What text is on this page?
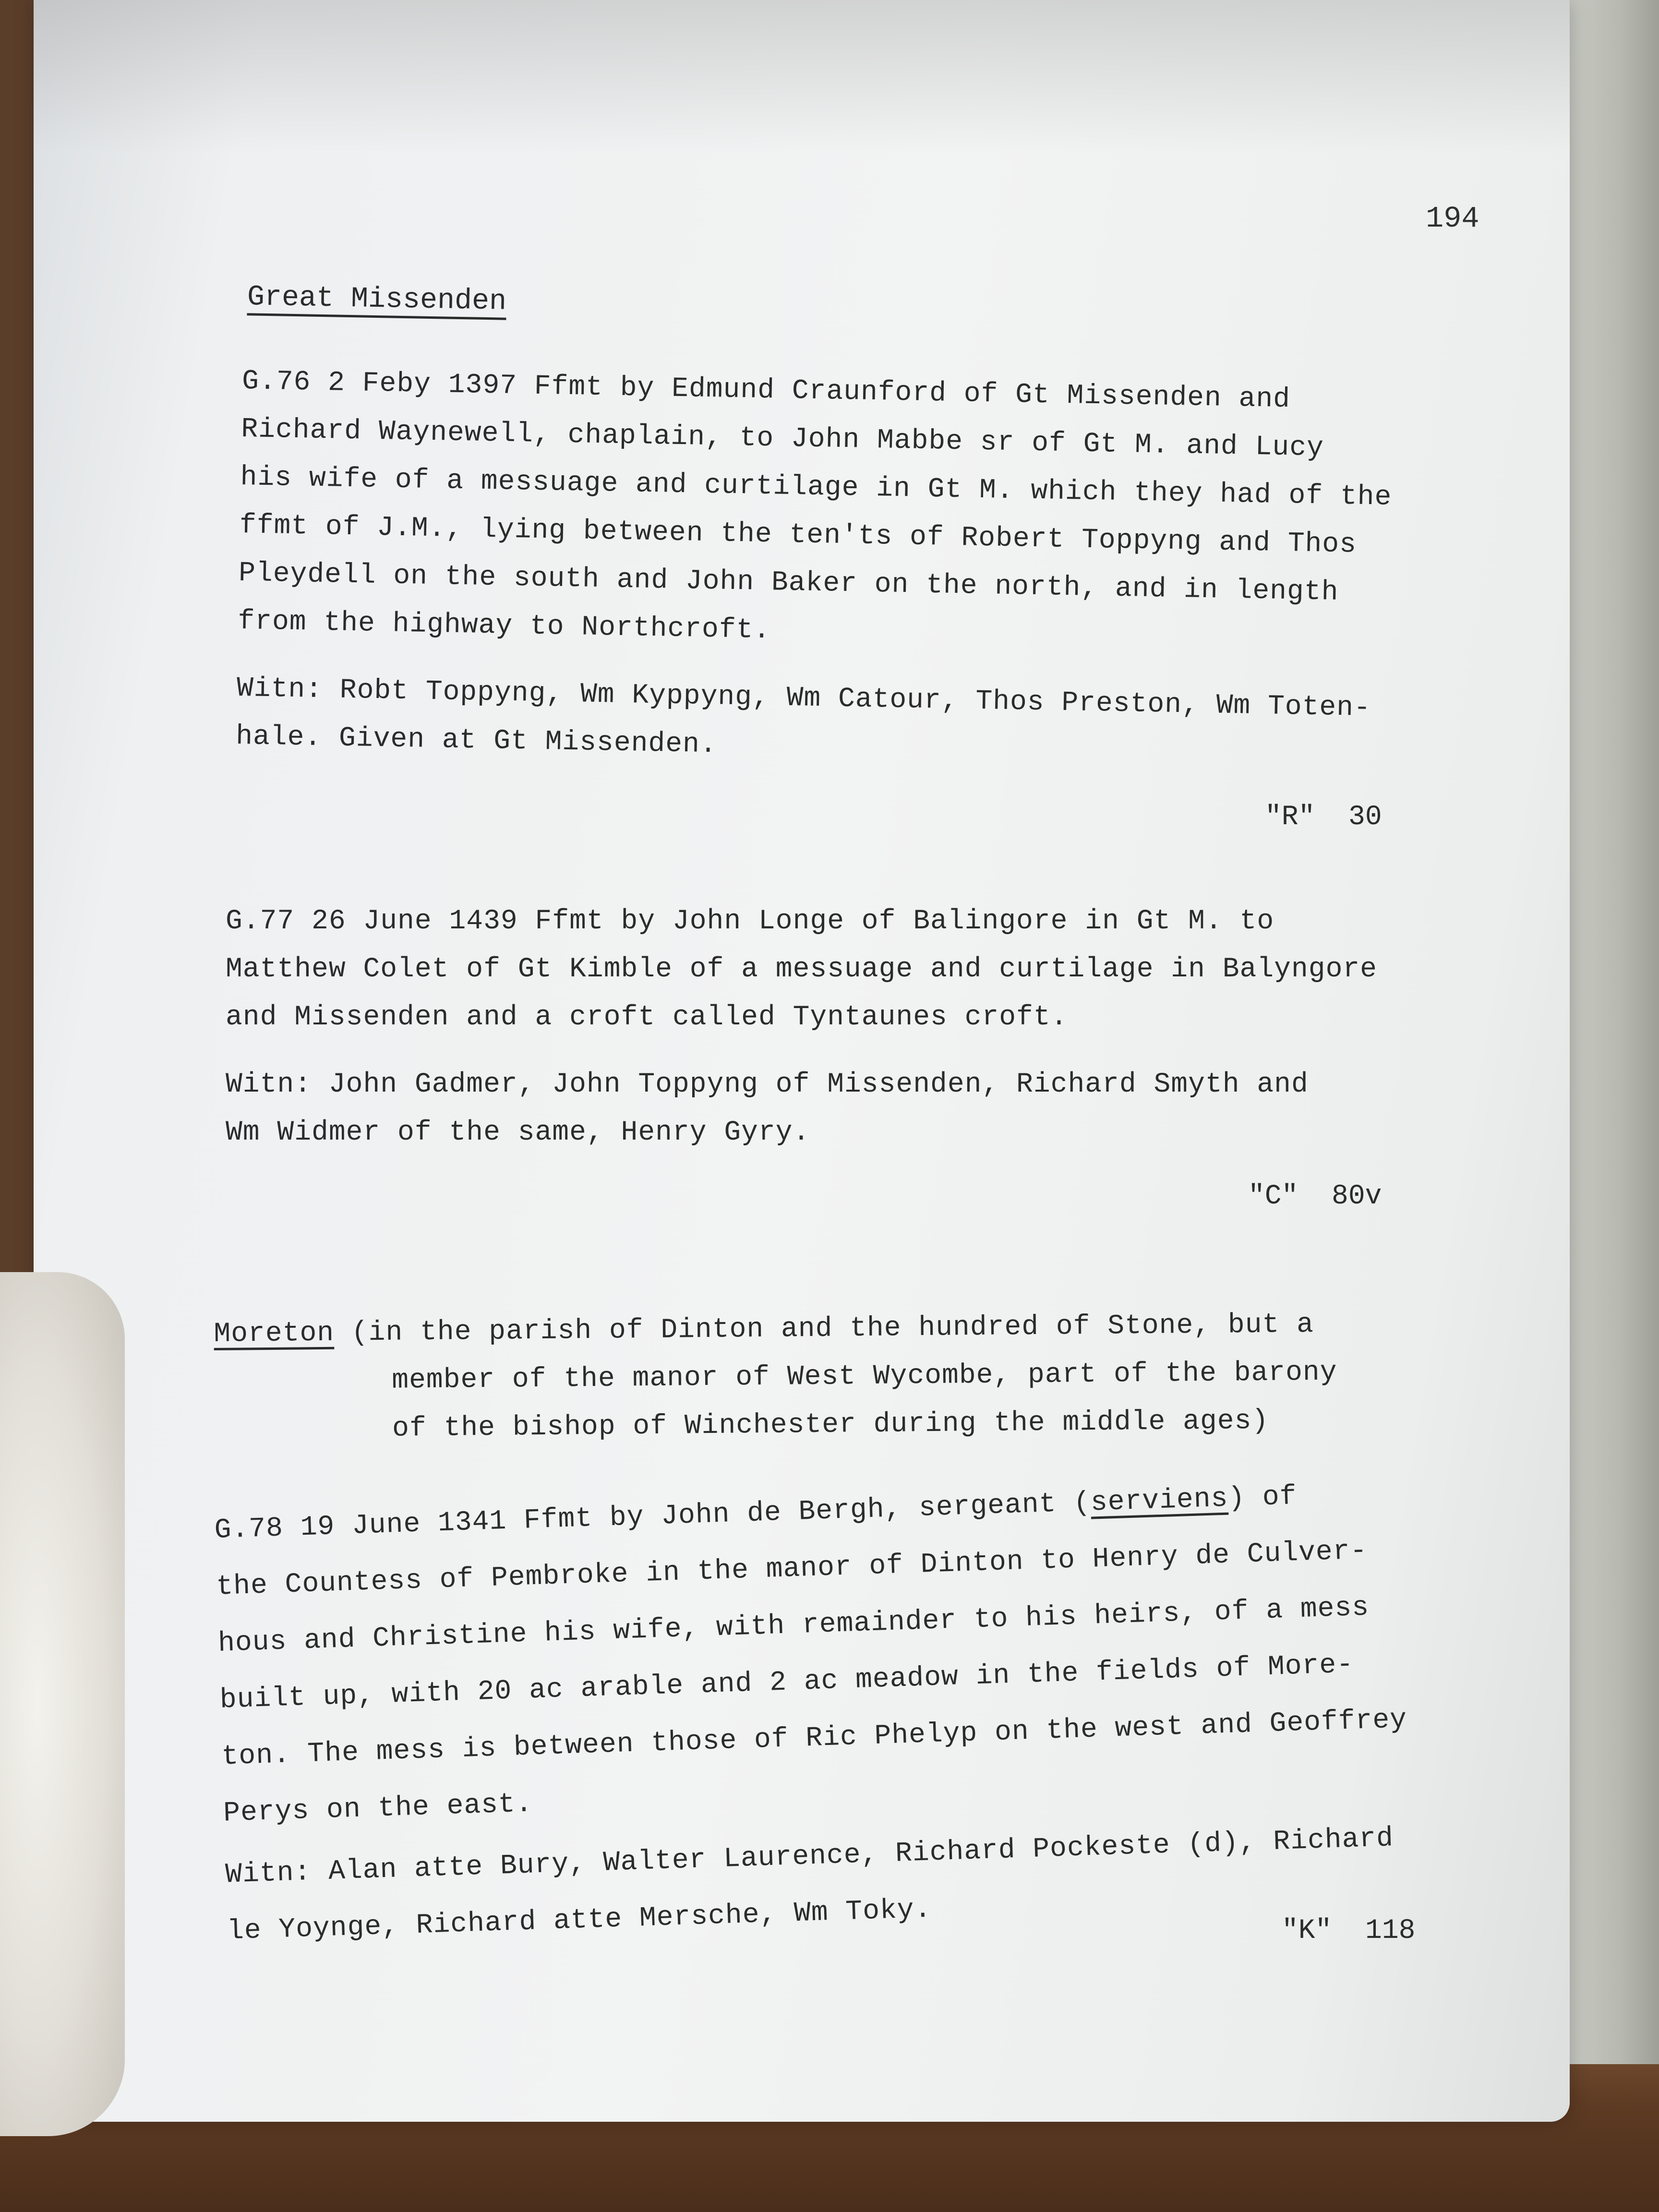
194
Great Missenden
G.76 2 Feby 1397 Ffmt by Edmund Craunford of Gt Missenden and
Richard Waynewell, chaplain, to John Mabbe sr of Gt M. and Lucy
his wife of a messuage and curtilage in Gt M. which they had of the
ffmt of J.M., lying between the ten'ts of Robert Toppyng and Thos
Pleydell on the south and John Baker on the north, and in length
from the highway to Northcroft.

Witn: Robt Toppyng, Wm Kyppyng, Wm Catour, Thos Preston, Wm Toten-
hale. Given at Gt Missenden.

"R"  30
G.77 26 June 1439 Ffmt by John Longe of Balingore in Gt M. to
Matthew Colet of Gt Kimble of a messuage and curtilage in Balyngore
and Missenden and a croft called Tyntaunes croft.

Witn: John Gadmer, John Toppyng of Missenden, Richard Smyth and
Wm Widmer of the same, Henry Gyry.

"C"  80v
Moreton (in the parish of Dinton and the hundred of Stone, but a
member of the manor of West Wycombe, part of the barony
of the bishop of Winchester during the middle ages)
G.78 19 June 1341 Ffmt by John de Bergh, sergeant (serviens) of
the Countess of Pembroke in the manor of Dinton to Henry de Culver-
hous and Christine his wife, with remainder to his heirs, of a mess
built up, with 20 ac arable and 2 ac meadow in the fields of More-
ton. The mess is between those of Ric Phelyp on the west and Geoffrey
Perys on the east.

Witn: Alan atte Bury, Walter Laurence, Richard Pockeste (d), Richard
le Yoynge, Richard atte Mersche, Wm Toky.	"K"  118
